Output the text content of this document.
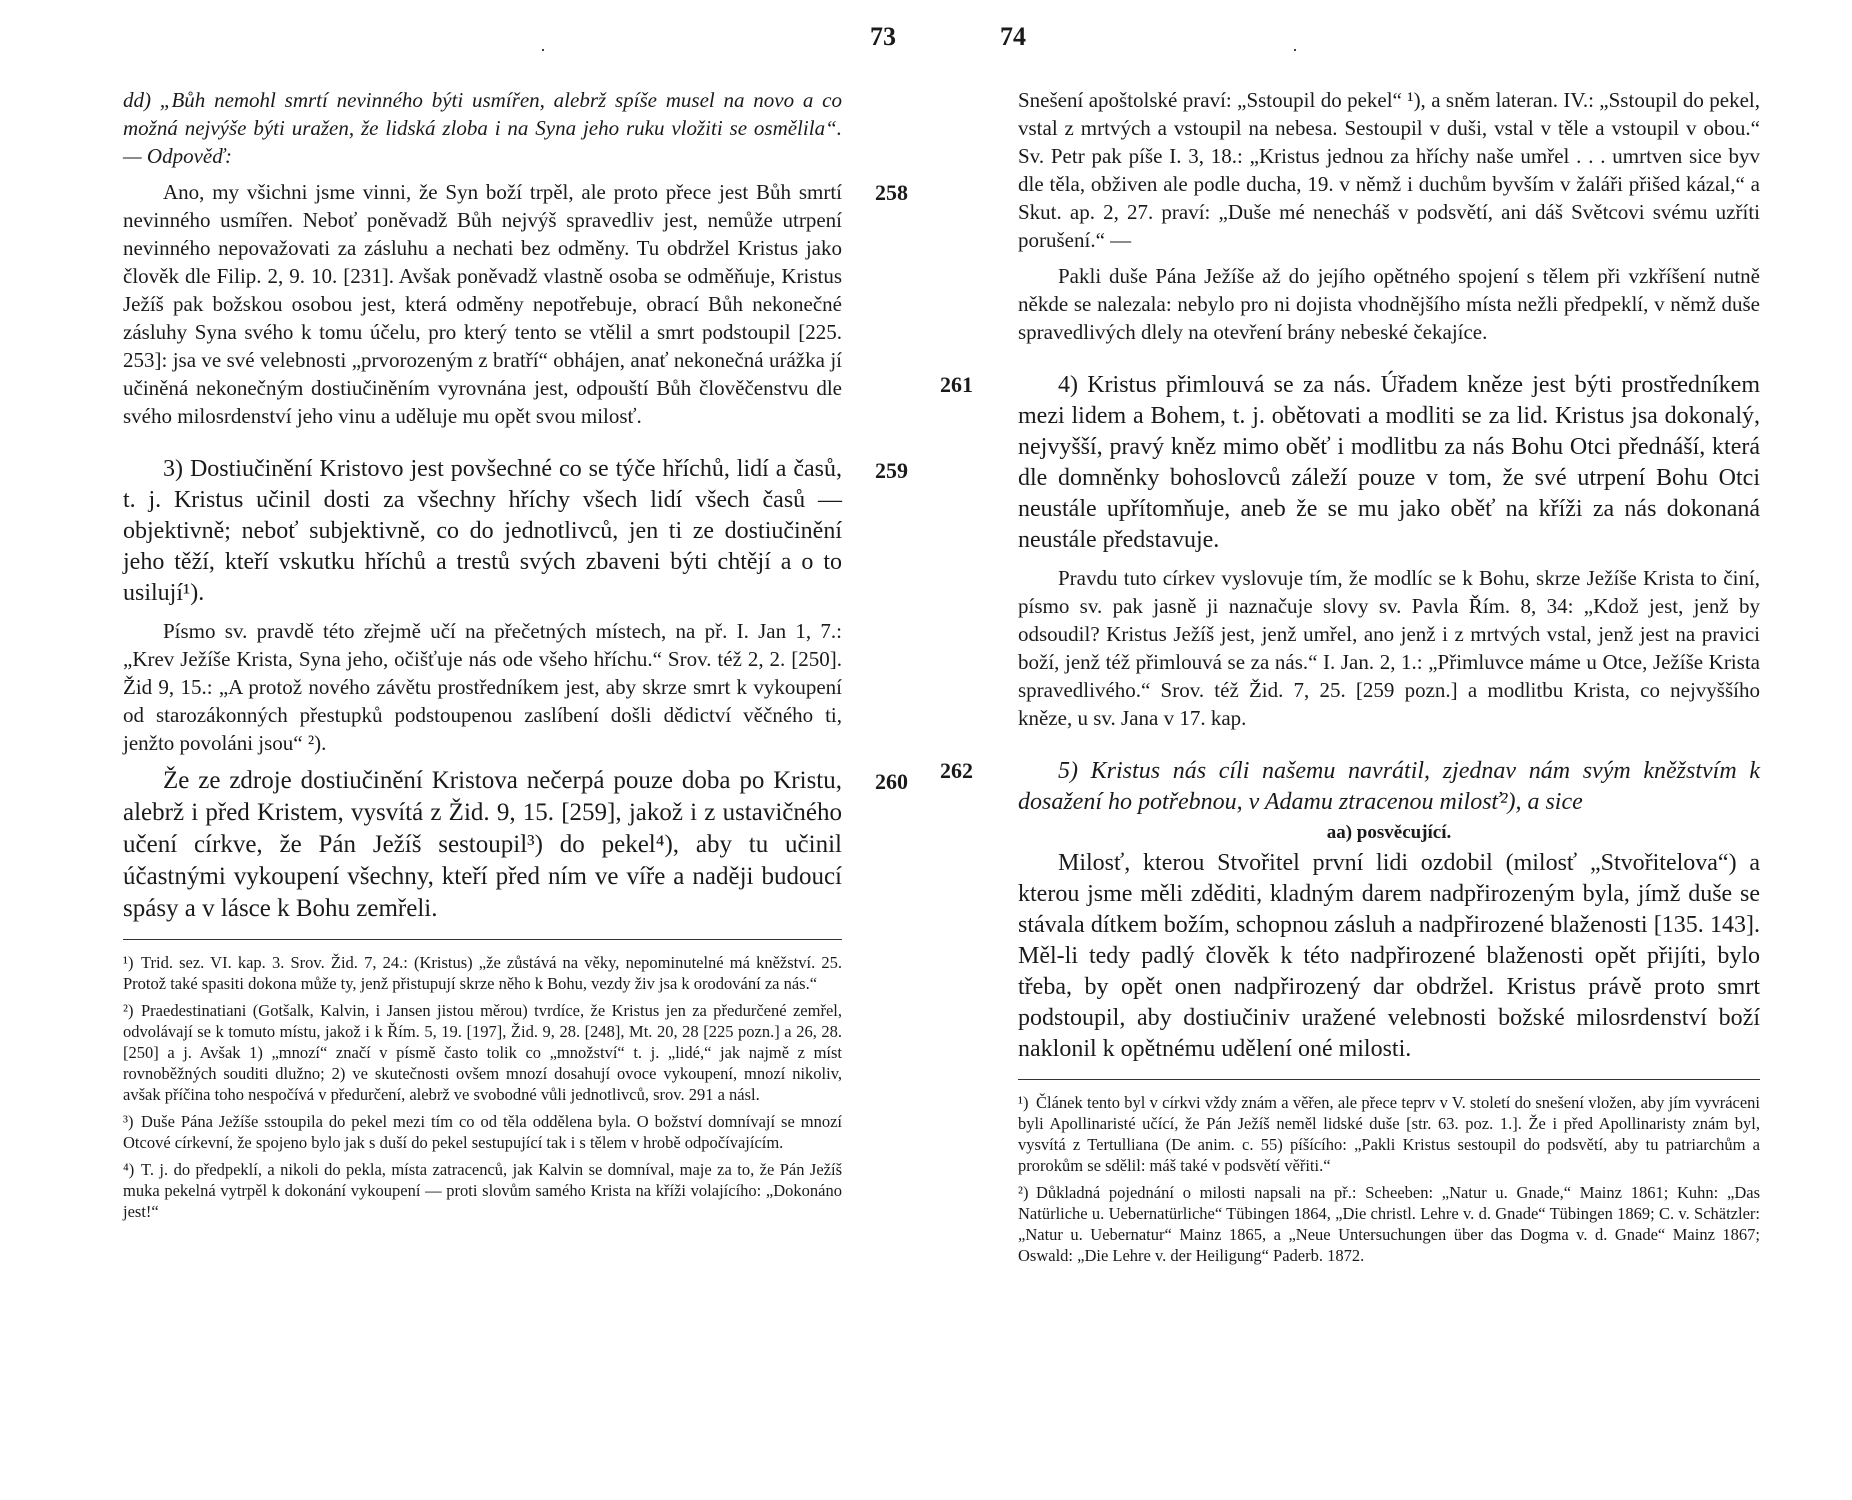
·	73

dd) „Bůh nemohl smrtí nevinného býti usmířen, alebrž spíše musel na novo a co možná nejvýše býti uražen, že lidská zloba i na Syna jeho ruku vložiti se osmělila“. — Odpověď:

258

Ano, my všichni jsme vinni, že Syn boží trpěl, ale proto přece jest Bůh smrtí nevinného usmířen. Neboť poněvadž Bůh nejvýš spravedliv jest, nemůže utrpení nevinného nepovažovati za zásluhu a nechati bez odměny. Tu obdržel Kristus jako člověk dle Filip. 2, 9. 10. [231]. Avšak poněvadž vlastně osoba se odměňuje, Kristus Ježíš pak božskou osobou jest, která odměny nepotřebuje, obrací Bůh nekonečné zásluhy Syna svého k tomu účelu, pro který tento se vtělil a smrt podstoupil [225. 253]: jsa ve své velebnosti „prvorozeným z bratří“ obhájen, anať nekonečná urážka jí učiněná nekonečným dostiučiněním vyrovnána jest, odpouští Bůh člověčenstvu dle svého milosrdenství jeho vinu a uděluje mu opět svou milosť.

259

3) Dostiučinění Kristovo jest povšechné co se týče hříchů, lidí a časů, t. j. Kristus učinil dosti za všechny hříchy všech lidí všech časů — objektivně; neboť subjektivně, co do jednotlivců, jen ti ze dostiučinění jeho těží, kteří vskutku hříchů a trestů svých zbaveni býti chtějí a o to usilují¹).

Písmo sv. pravdě této zřejmě učí na přečetných místech, na př. I. Jan 1, 7.: „Krev Ježíše Krista, Syna jeho, očišťuje nás ode všeho hříchu.“ Srov. též 2, 2. [250]. Žid 9, 15.: „A protož nového závětu prostředníkem jest, aby skrze smrt k vykoupení od starozákonných přestupků podstoupenou zaslíbení došli dědictví věčného ti, jenžto povoláni jsou“ ²).

260

Že ze zdroje dostiučinění Kristova nečerpá pouze doba po Kristu, alebrž i před Kristem, vysvítá z Žid. 9, 15. [259], jakož i z ustavičného učení církve, že Pán Ježíš sestoupil³) do pekel⁴), aby tu učinil účastnými vykoupení všechny, kteří před ním ve víře a naději budoucí spásy a v lásce k Bohu zemřeli.

¹) Trid. sez. VI. kap. 3. Srov. Žid. 7, 24.: (Kristus) „že zůstává na věky, nepominutelné má kněžství. 25. Protož také spasiti dokona může ty, jenž přistupují skrze něho k Bohu, vezdy živ jsa k orodování za nás.“

²) Praedestinatiani (Gotšalk, Kalvin, i Jansen jistou měrou) tvrdíce, že Kristus jen za předurčené zemřel, odvolávají se k tomuto místu, jakož i k Řím. 5, 19. [197], Žid. 9, 28. [248], Mt. 20, 28 [225 pozn.] a 26, 28. [250] a j. Avšak 1) „mnozí“ značí v písmě často tolik co „množství“ t. j. „lidé,“ jak najmě z míst rovnoběžných souditi dlužno; 2) ve skutečnosti ovšem mnozí dosahují ovoce vykoupení, mnozí nikoliv, avšak příčina toho nespočívá v předurčení, alebrž ve svobodné vůli jednotlivců, srov. 291 a násl.

³) Duše Pána Ježíše sstoupila do pekel mezi tím co od těla oddělena byla. O božství domnívají se mnozí Otcové církevní, že spojeno bylo jak s duší do pekel sestupující tak i s tělem v hrobě odpočívajícím.

⁴) T. j. do předpeklí, a nikoli do pekla, místa zatracenců, jak Kalvin se domníval, maje za to, že Pán Ježíš muka pekelná vytrpěl k dokonání vykoupení — proti slovům samého Krista na kříži volajícího: „Dokonáno jest!“

·
74

Snešení apoštolské praví: „Sstoupil do pekel“ ¹), a sněm lateran. IV.: „Sstoupil do pekel, vstal z mrtvých a vstoupil na nebesa. Sestoupil v duši, vstal v těle a vstoupil v obou.“ Sv. Petr pak píše I. 3, 18.: „Kristus jednou za hříchy naše umřel . . . umrtven sice byv dle těla, obživen ale podle ducha, 19. v němž i duchům byvším v žaláři přišed kázal,“ a Skut. ap. 2, 27. praví: „Duše mé nenecháš v podsvětí, ani dáš Světcovi svému uzříti porušení.“ —

Pakli duše Pána Ježíše až do jejího opětného spojení s tělem při vzkříšení nutně někde se nalezala: nebylo pro ni dojista vhodnějšího místa nežli předpeklí, v němž duše spravedlivých dlely na otevření brány nebeské čekajíce.

261	4) Kristus přimlouvá se za nás. Úřadem kněze jest býti prostředníkem mezi lidem a Bohem, t. j. obětovati a modliti se za lid. Kristus jsa dokonalý, nejvyšší, pravý kněz mimo oběť i modlitbu za nás Bohu Otci přednáší, která dle domněnky bohoslovců záleží pouze v tom, že své utrpení Bohu Otci neustále upřítomňuje, aneb že se mu jako oběť na kříži za nás dokonaná neustále představuje.

Pravdu tuto církev vyslovuje tím, že modlíc se k Bohu, skrze Ježíše Krista to činí, písmo sv. pak jasně ji naznačuje slovy sv. Pavla Řím. 8, 34: „Kdož jest, jenž by odsoudil? Kristus Ježíš jest, jenž umřel, ano jenž i z mrtvých vstal, jenž jest na pravici boží, jenž též přimlouvá se za nás.“ I. Jan. 2, 1.: „Přimluvce máme u Otce, Ježíše Krista spravedlivého.“ Srov. též Žid. 7, 25. [259 pozn.] a modlitbu Krista, co nejvyššího kněze, u sv. Jana v 17. kap.

262	5) Kristus nás cíli našemu navrátil, zjednav nám svým kněžstvím k dosažení ho potřebnou, v Adamu ztracenou milosť²), a sice

aa) posvěcující.

Milosť, kterou Stvořitel první lidi ozdobil (milosť „Stvořitelova“) a kterou jsme měli zděditi, kladným darem nadpřirozeným byla, jímž duše se stávala dítkem božím, schopnou zásluh a nadpřirozené blaženosti [135. 143]. Měl-li tedy padlý člověk k této nadpřirozené blaženosti opět přijíti, bylo třeba, by opět onen nadpřirozený dar obdržel. Kristus právě proto smrt podstoupil, aby dostiučiniv uražené velebnosti božské milosrdenství boží naklonil k opětnému udělení oné milosti.

¹) Článek tento byl v církvi vždy znám a věřen, ale přece teprv v V. století do snešení vložen, aby jím vyvráceni byli Apollinaristé učící, že Pán Ježíš neměl lidské duše [str. 63. poz. 1.]. Že i před Apollinaristy znám byl, vysvítá z Tertulliana (De anim. c. 55) píšícího: „Pakli Kristus sestoupil do podsvětí, aby tu patriarchům a prorokům se sdělil: máš také v podsvětí věřiti.“

²) Důkladná pojednání o milosti napsali na př.: Scheeben: „Natur u. Gnade,“ Mainz 1861; Kuhn: „Das Natürliche u. Uebernatürliche“ Tübingen 1864, „Die christl. Lehre v. d. Gnade“ Tübingen 1869; C. v. Schätzler: „Natur u. Uebernatur“ Mainz 1865, a „Neue Untersuchungen über das Dogma v. d. Gnade“ Mainz 1867; Oswald: „Die Lehre v. der Heiligung“ Paderb. 1872.
